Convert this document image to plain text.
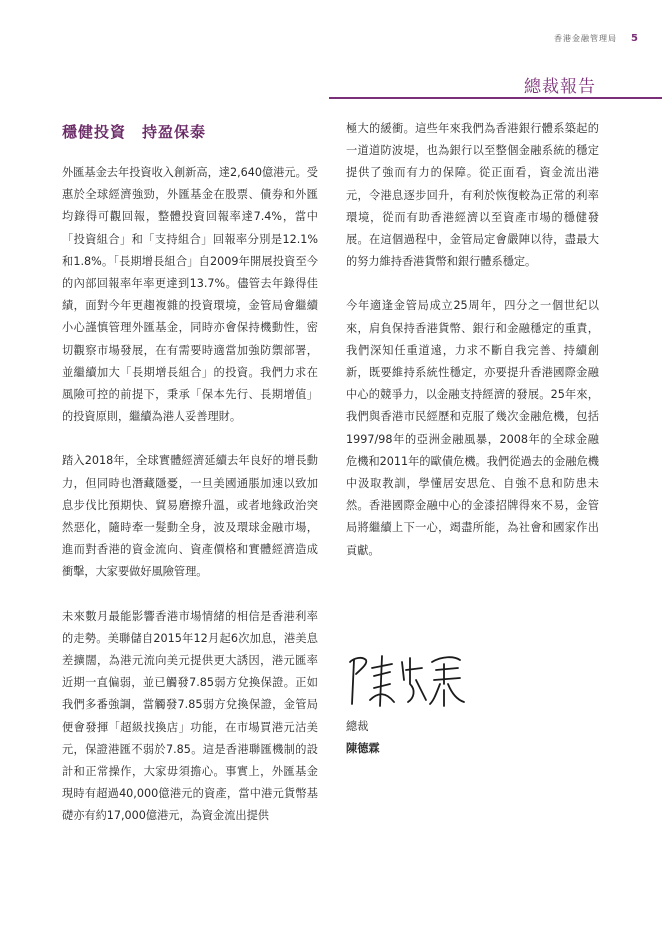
香港金融管理局 5
總裁報告
穩健投資　持盈保泰

外匯基金去年投資收入創新高，達2,640億港元。受惠於全球經濟強勁，外匯基金在股票、債券和外匯均錄得可觀回報，整體投資回報率達7.4%，當中「投資組合」和「支持組合」回報率分別是12.1%和1.8%。「長期增長組合」自2009年開展投資至今的內部回報率年率更達到13.7%。儘管去年錄得佳績，面對今年更趨複雜的投資環境，金管局會繼續小心謹慎管理外匯基金，同時亦會保持機動性，密切觀察市場發展，在有需要時適當加強防禦部署，並繼續加大「長期增長組合」的投資。我們力求在風險可控的前提下，秉承「保本先行、長期增值」的投資原則，繼續為港人妥善理財。

踏入2018年，全球實體經濟延續去年良好的增長動力，但同時也潛藏隱憂，一旦美國通脹加速以致加息步伐比預期快、貿易磨擦升溫，或者地緣政治突然惡化，隨時牽一髮動全身，波及環球金融市場，進而對香港的資金流向、資產價格和實體經濟造成衝擊，大家要做好風險管理。

未來數月最能影響香港市場情緒的相信是香港利率的走勢。美聯儲自2015年12月起6次加息，港美息差擴闊，為港元流向美元提供更大誘因，港元匯率近期一直偏弱，並已觸發7.85弱方兌換保證。正如我們多番強調，當觸發7.85弱方兌換保證，金管局便會發揮「超級找換店」功能，在市場買港元沽美元，保證港匯不弱於7.85。這是香港聯匯機制的設計和正常操作，大家毋須擔心。事實上，外匯基金現時有超過40,000億港元的資產，當中港元貨幣基礎亦有約17,000億港元，為資金流出提供

極大的緩衝。這些年來我們為香港銀行體系築起的一道道防波堤，也為銀行以至整個金融系統的穩定提供了強而有力的保障。從正面看，資金流出港元，令港息逐步回升，有利於恢復較為正常的利率環境，從而有助香港經濟以至資產市場的穩健發展。在這個過程中，金管局定會嚴陣以待，盡最大的努力維持香港貨幣和銀行體系穩定。

今年適逢金管局成立25周年，四分之一個世紀以來，肩負保持香港貨幣、銀行和金融穩定的重責，我們深知任重道遠，力求不斷自我完善、持續創新，既要維持系統性穩定，亦要提升香港國際金融中心的競爭力，以金融支持經濟的發展。25年來，我們與香港市民經歷和克服了幾次金融危機，包括1997/98年的亞洲金融風暴，2008年的全球金融危機和2011年的歐債危機。我們從過去的金融危機中汲取教訓，學懂居安思危、自強不息和防患未然。香港國際金融中心的金漆招牌得來不易，金管局將繼續上下一心，竭盡所能，為社會和國家作出貢獻。

總裁
陳德霖
